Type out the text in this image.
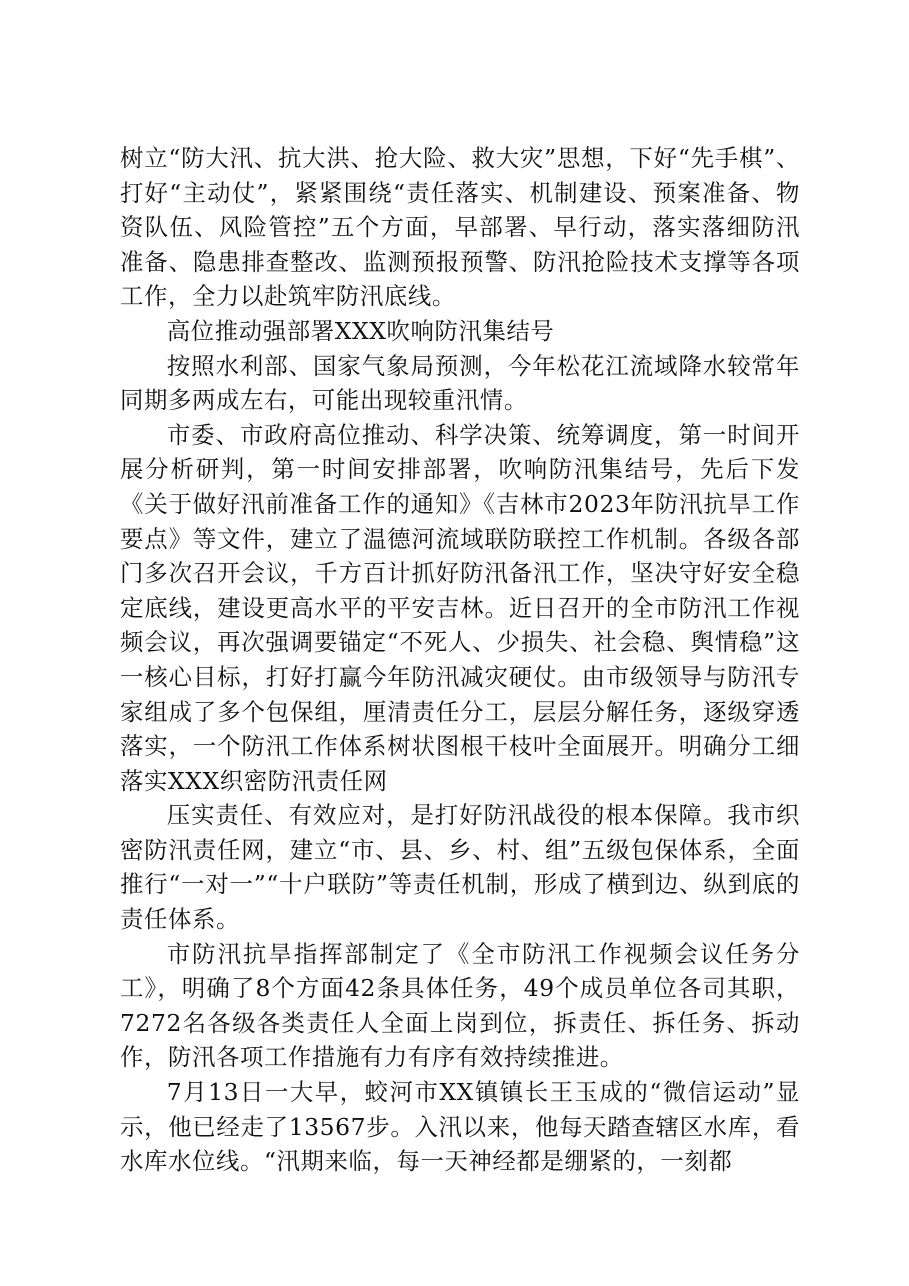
树立“防大汛、抗大洪、抢大险、救大灾”思想，下好“先手棋”、打好“主动仗”，紧紧围绕“责任落实、机制建设、预案准备、物资队伍、风险管控”五个方面，早部署、早行动，落实落细防汛准备、隐患排查整改、监测预报预警、防汛抢险技术支撑等各项工作，全力以赴筑牢防汛底线。

高位推动强部署XXX吹响防汛集结号

按照水利部、国家气象局预测，今年松花江流域降水较常年同期多两成左右，可能出现较重汛情。

市委、市政府高位推动、科学决策、统筹调度，第一时间开展分析研判，第一时间安排部署，吹响防汛集结号，先后下发《关于做好汛前准备工作的通知》《吉林市2023年防汛抗旱工作要点》等文件，建立了温德河流域联防联控工作机制。各级各部门多次召开会议，千方百计抓好防汛备汛工作，坚决守好安全稳定底线，建设更高水平的平安吉林。近日召开的全市防汛工作视频会议，再次强调要锚定“不死人、少损失、社会稳、舆情稳”这一核心目标，打好打赢今年防汛减灾硬仗。由市级领导与防汛专家组成了多个包保组，厘清责任分工，层层分解任务，逐级穿透落实，一个防汛工作体系树状图根干枝叶全面展开。明确分工细落实XXX织密防汛责任网

压实责任、有效应对，是打好防汛战役的根本保障。我市织密防汛责任网，建立“市、县、乡、村、组”五级包保体系，全面推行“一对一”“十户联防”等责任机制，形成了横到边、纵到底的责任体系。

市防汛抗旱指挥部制定了《全市防汛工作视频会议任务分工》，明确了8个方面42条具体任务，49个成员单位各司其职，7272名各级各类责任人全面上岗到位，拆责任、拆任务、拆动作，防汛各项工作措施有力有序有效持续推进。

7月13日一大早，蛟河市XX镇镇长王玉成的“微信运动”显示，他已经走了13567步。入汛以来，他每天踏查辖区水库，看水库水位线。“汛期来临，每一天神经都是绷紧的，一刻都
